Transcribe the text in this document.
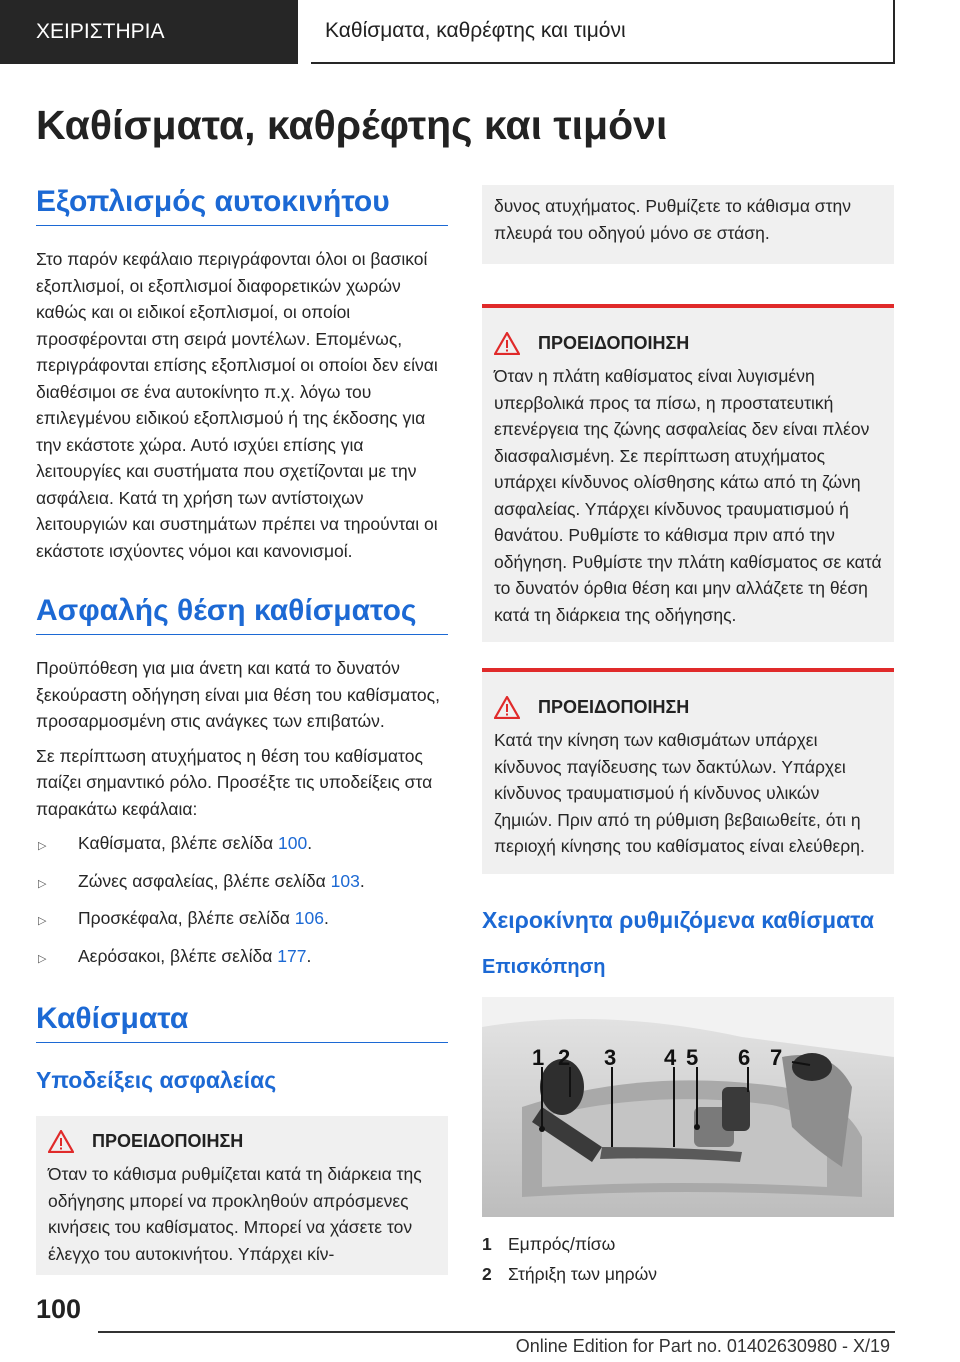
ΧΕΙΡΙΣΤΗΡΙΑ	Καθίσματα, καθρέφτης και τιμόνι
Καθίσματα, καθρέφτης και τιμόνι
Εξοπλισμός αυτοκινήτου

Στο παρόν κεφάλαιο περιγράφονται όλοι οι βασικοί εξοπλισμοί, οι εξοπλισμοί διαφορετικών χωρών καθώς και οι ειδικοί εξοπλισμοί, οι οποίοι προσφέρονται στη σειρά μοντέλων. Επομένως, περιγράφονται επίσης εξοπλισμοί οι οποίοι δεν είναι διαθέσιμοι σε ένα αυτοκίνητο π.χ. λόγω του επιλεγμένου ειδικού εξοπλισμού ή της έκδοσης για την εκάστοτε χώρα. Αυτό ισχύει επίσης για λειτουργίες και συστήματα που σχετίζονται με την ασφάλεια. Κατά τη χρήση των αντίστοιχων λειτουργιών και συστημάτων πρέπει να τηρούνται οι εκάστοτε ισχύοντες νόμοι και κανονισμοί.

Ασφαλής θέση καθίσματος

Προϋπόθεση για μια άνετη και κατά το δυνατόν ξεκούραστη οδήγηση είναι μια θέση του καθίσματος, προσαρμοσμένη στις ανάγκες των επιβατών.

Σε περίπτωση ατυχήματος η θέση του καθίσματος παίζει σημαντικό ρόλο. Προσέξτε τις υποδείξεις στα παρακάτω κεφάλαια:

▷	Καθίσματα, βλέπε σελίδα 100.
▷	Ζώνες ασφαλείας, βλέπε σελίδα 103.
▷	Προσκέφαλα, βλέπε σελίδα 106.
▷	Αερόσακοι, βλέπε σελίδα 177.
Καθίσματα
Υποδείξεις ασφαλείας
ΠΡΟΕΙΔΟΠΟΙΗΣΗ

Όταν το κάθισμα ρυθμίζεται κατά τη διάρκεια της οδήγησης μπορεί να προκληθούν απρόσμενες κινήσεις του καθίσματος. Μπορεί να χάσετε τον έλεγχο του αυτοκινήτου. Υπάρχει κίν-

δυνος ατυχήματος. Ρυθμίζετε το κάθισμα στην πλευρά του οδηγού μόνο σε στάση.

ΠΡΟΕΙΔΟΠΟΙΗΣΗ

Όταν η πλάτη καθίσματος είναι λυγισμένη υπερβολικά προς τα πίσω, η προστατευτική επενέργεια της ζώνης ασφαλείας δεν είναι πλέον διασφαλισμένη. Σε περίπτωση ατυχήματος υπάρχει κίνδυνος ολίσθησης κάτω από τη ζώνη ασφαλείας. Υπάρχει κίνδυνος τραυματισμού ή θανάτου. Ρυθμίστε το κάθισμα πριν από την οδήγηση. Ρυθμίστε την πλάτη καθίσματος σε κατά το δυνατόν όρθια θέση και μην αλλάζετε τη θέση κατά τη διάρκεια της οδήγησης.

ΠΡΟΕΙΔΟΠΟΙΗΣΗ

Κατά την κίνηση των καθισμάτων υπάρχει κίνδυνος παγίδευσης των δακτύλων. Υπάρχει κίνδυνος τραυματισμού ή κίνδυνος υλικών ζημιών. Πριν από τη ρύθμιση βεβαιωθείτε, ότι η περιοχή κίνησης του καθίσματος είναι ελεύθερη.

Χειροκίνητα ρυθμιζόμενα καθίσματα
Επισκόπηση
1 2 3 4 5 6 7
1 Εμπρός/πίσω
2 Στήριξη των μηρών
100
Online Edition for Part no. 01402630980 - X/19
